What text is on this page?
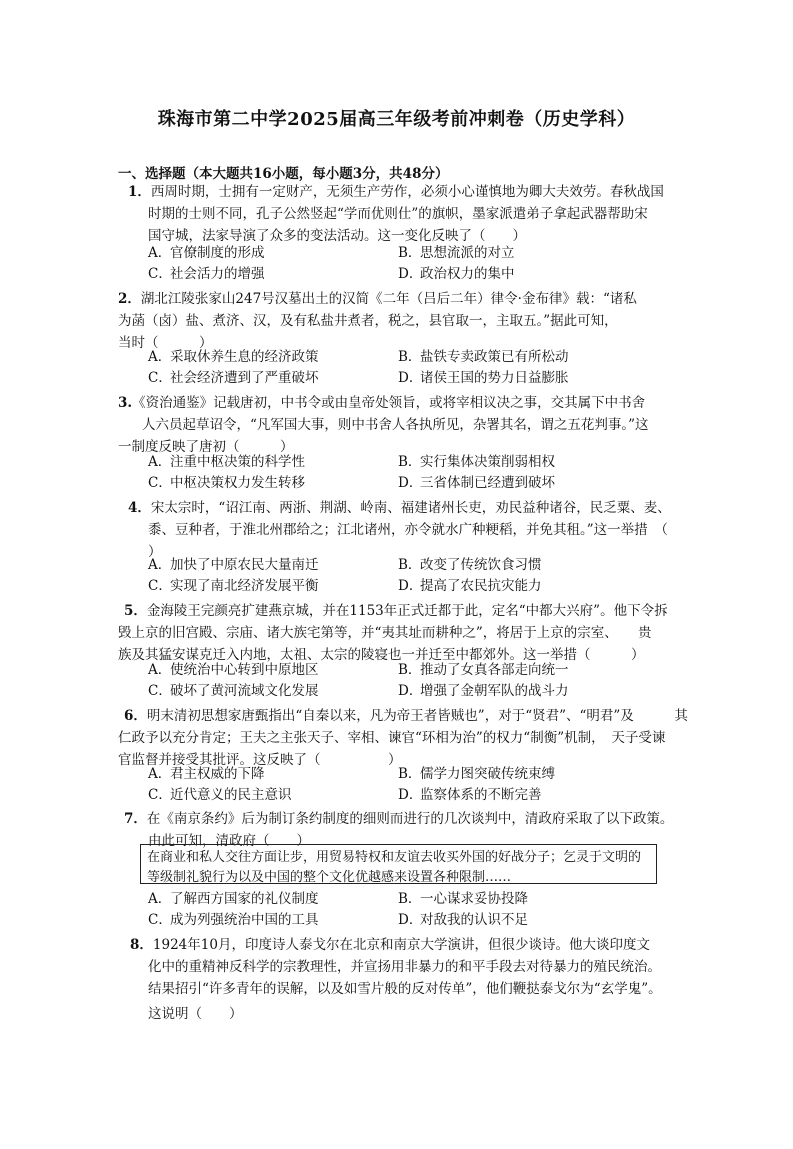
珠海市第二中学2025届高三年级考前冲刺卷（历史学科）
一、选择题（本大题共16小题，每小题3分，共48分）
1．西周时期，士拥有一定财产，无须生产劳作，必须小心谨慎地为卿大夫效劳。春秋战国
时期的士则不同，孔子公然竖起“学而优则仕”的旗帜，墨家派遣弟子拿起武器帮助宋
国守城，法家导演了众多的变法活动。这一变化反映了（　　）
A．官僚制度的形成	B．思想流派的对立
C．社会活力的增强	D．政治权力的集中
2．湖北江陵张家山247号汉墓出土的汉简《二年（吕后二年）律令·金布律》载：“诸私
为菡（卤）盐、煮济、汉，及有私盐井煮者，税之，县官取一，主取五。”据此可知，
当时（　　　）
A．采取休养生息的经济政策	B．盐铁专卖政策已有所松动
C．社会经济遭到了严重破坏	D．诸侯王国的势力日益膨胀
3.《资治通鉴》记载唐初，中书令或由皇帝处领旨，或将宰相议决之事，交其属下中书舍
人六员起草诏令，“凡军国大事，则中书舍人各执所见，杂署其名，谓之五花判事。”这
一制度反映了唐初（　　　）
A．注重中枢决策的科学性	B．实行集体决策削弱相权
C．中枢决策权力发生转移	D．三省体制已经遭到破坏
4．宋太宗时，“诏江南、两浙、荆湖、岭南、福建诸州长吏，劝民益种诸谷，民乏粟、麦、
黍、豆种者，于淮北州郡给之；江北诸州，亦令就水广种粳稻，并免其租。”这一举措　（
）
A．加快了中原农民大量南迁	B．改变了传统饮食习惯
C．实现了南北经济发展平衡	D．提高了农民抗灾能力
5．金海陵王完颜亮扩建燕京城，并在1153年正式迁都于此，定名“中都大兴府”。他下令拆
毁上京的旧宫殿、宗庙、诸大族宅第等，并“夷其址而耕种之”，将居于上京的宗室、　　贵
族及其猛安谋克迁入内地，太祖、太宗的陵寝也一并迁至中都郊外。这一举措（　　　）
A．使统治中心转到中原地区	B．推动了女真各部走向统一
C．破坏了黄河流域文化发展	D．增强了金朝军队的战斗力
6．明末清初思想家唐甄指出“自秦以来，凡为帝王者皆贼也”，对于“贤君”、“明君”及　　　其
仁政予以充分肯定；王夫之主张天子、宰相、谏官“环相为治”的权力“制衡”机制，　天子受谏
官监督并接受其批评。这反映了（　　　　　）
A．君主权威的下降	B．儒学力图突破传统束缚
C．近代意义的民主意识	D．监察体系的不断完善
7．在《南京条约》后为制订条约制度的细则而进行的几次谈判中，清政府采取了以下政策。
由此可知，清政府（　　）
在商业和私人交往方面让步，用贸易特权和友谊去收买外国的好战分子；乞灵于文明的
等级制礼貌行为以及中国的整个文化优越感来设置各种限制……
A．了解西方国家的礼仪制度	B．一心谋求妥协投降
C．成为列强统治中国的工具	D．对敌我的认识不足
8．1924年10月，印度诗人泰戈尔在北京和南京大学演讲，但很少谈诗。他大谈印度文
化中的重精神反科学的宗教理性，并宣扬用非暴力的和平手段去对待暴力的殖民统治。
结果招引“许多青年的误解，以及如雪片般的反对传单”，他们鞭挞泰戈尔为“玄学鬼”。
这说明（　　）
